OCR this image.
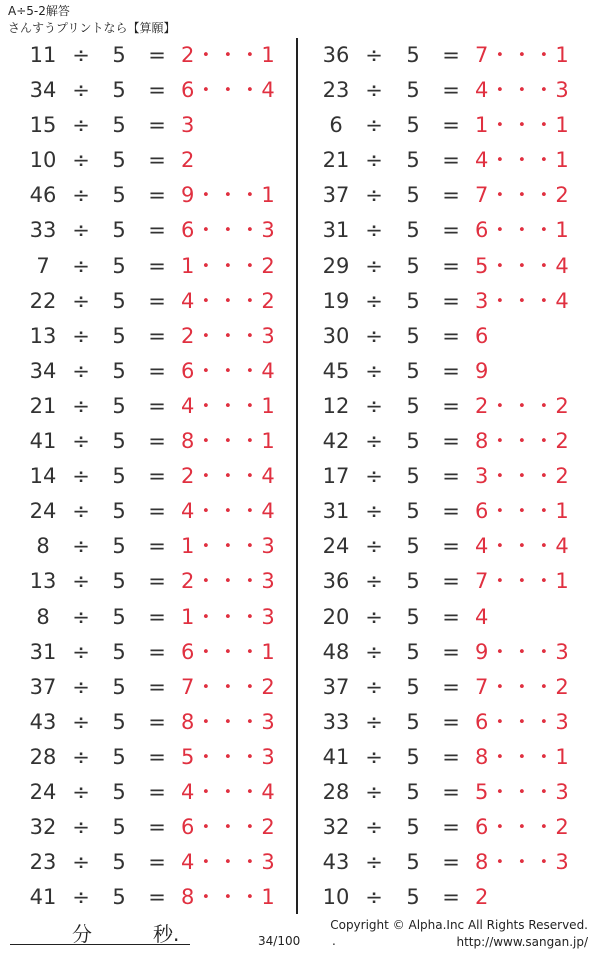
A÷5-2解答
さんすうプリントなら【算願】
11 ÷ 5 = 2・・・1
34 ÷ 5 = 6・・・4
15 ÷ 5 = 3
10 ÷ 5 = 2
46 ÷ 5 = 9・・・1
33 ÷ 5 = 6・・・3
7	÷ 5 = 1・・・2
22 ÷ 5 = 4・・・2
13 ÷ 5 = 2・・・3
34 ÷ 5 = 6・・・4
21 ÷ 5 = 4・・・1
41 ÷ 5 = 8・・・1
14 ÷ 5 = 2・・・4
24 ÷ 5 = 4・・・4
8	÷ 5 = 1・・・3
13 ÷ 5 = 2・・・3
8	÷ 5 = 1・・・3
31 ÷ 5 = 6・・・1
37 ÷ 5 = 7・・・2
43 ÷ 5 = 8・・・3
28 ÷ 5 = 5・・・3
24 ÷ 5 = 4・・・4
32 ÷ 5 = 6・・・2
23 ÷ 5 = 4・・・3
41 ÷ 5 = 8・・・1
36 ÷ 5 = 7・・・1
23 ÷ 5 = 4・・・3
6	÷ 5 = 1・・・1
21 ÷ 5 = 4・・・1
37 ÷ 5 = 7・・・2
31 ÷ 5 = 6・・・1
29 ÷ 5 = 5・・・4
19 ÷ 5 = 3・・・4
30 ÷ 5 = 6
45 ÷ 5 = 9
12 ÷ 5 = 2・・・2
42 ÷ 5 = 8・・・2
17 ÷ 5 = 3・・・2
31 ÷ 5 = 6・・・1
24 ÷ 5 = 4・・・4
36 ÷ 5 = 7・・・1
20 ÷ 5 = 4
48 ÷ 5 = 9・・・3
37 ÷ 5 = 7・・・2
33 ÷ 5 = 6・・・3
41 ÷ 5 = 8・・・1
28 ÷ 5 = 5・・・3
32 ÷ 5 = 6・・・2
43 ÷ 5 = 8・・・3
10 ÷ 5 = 2
分	秒.	34/100	.
Copyright © Alpha.Inc All Rights Reserved.
http://www.sangan.jp/
